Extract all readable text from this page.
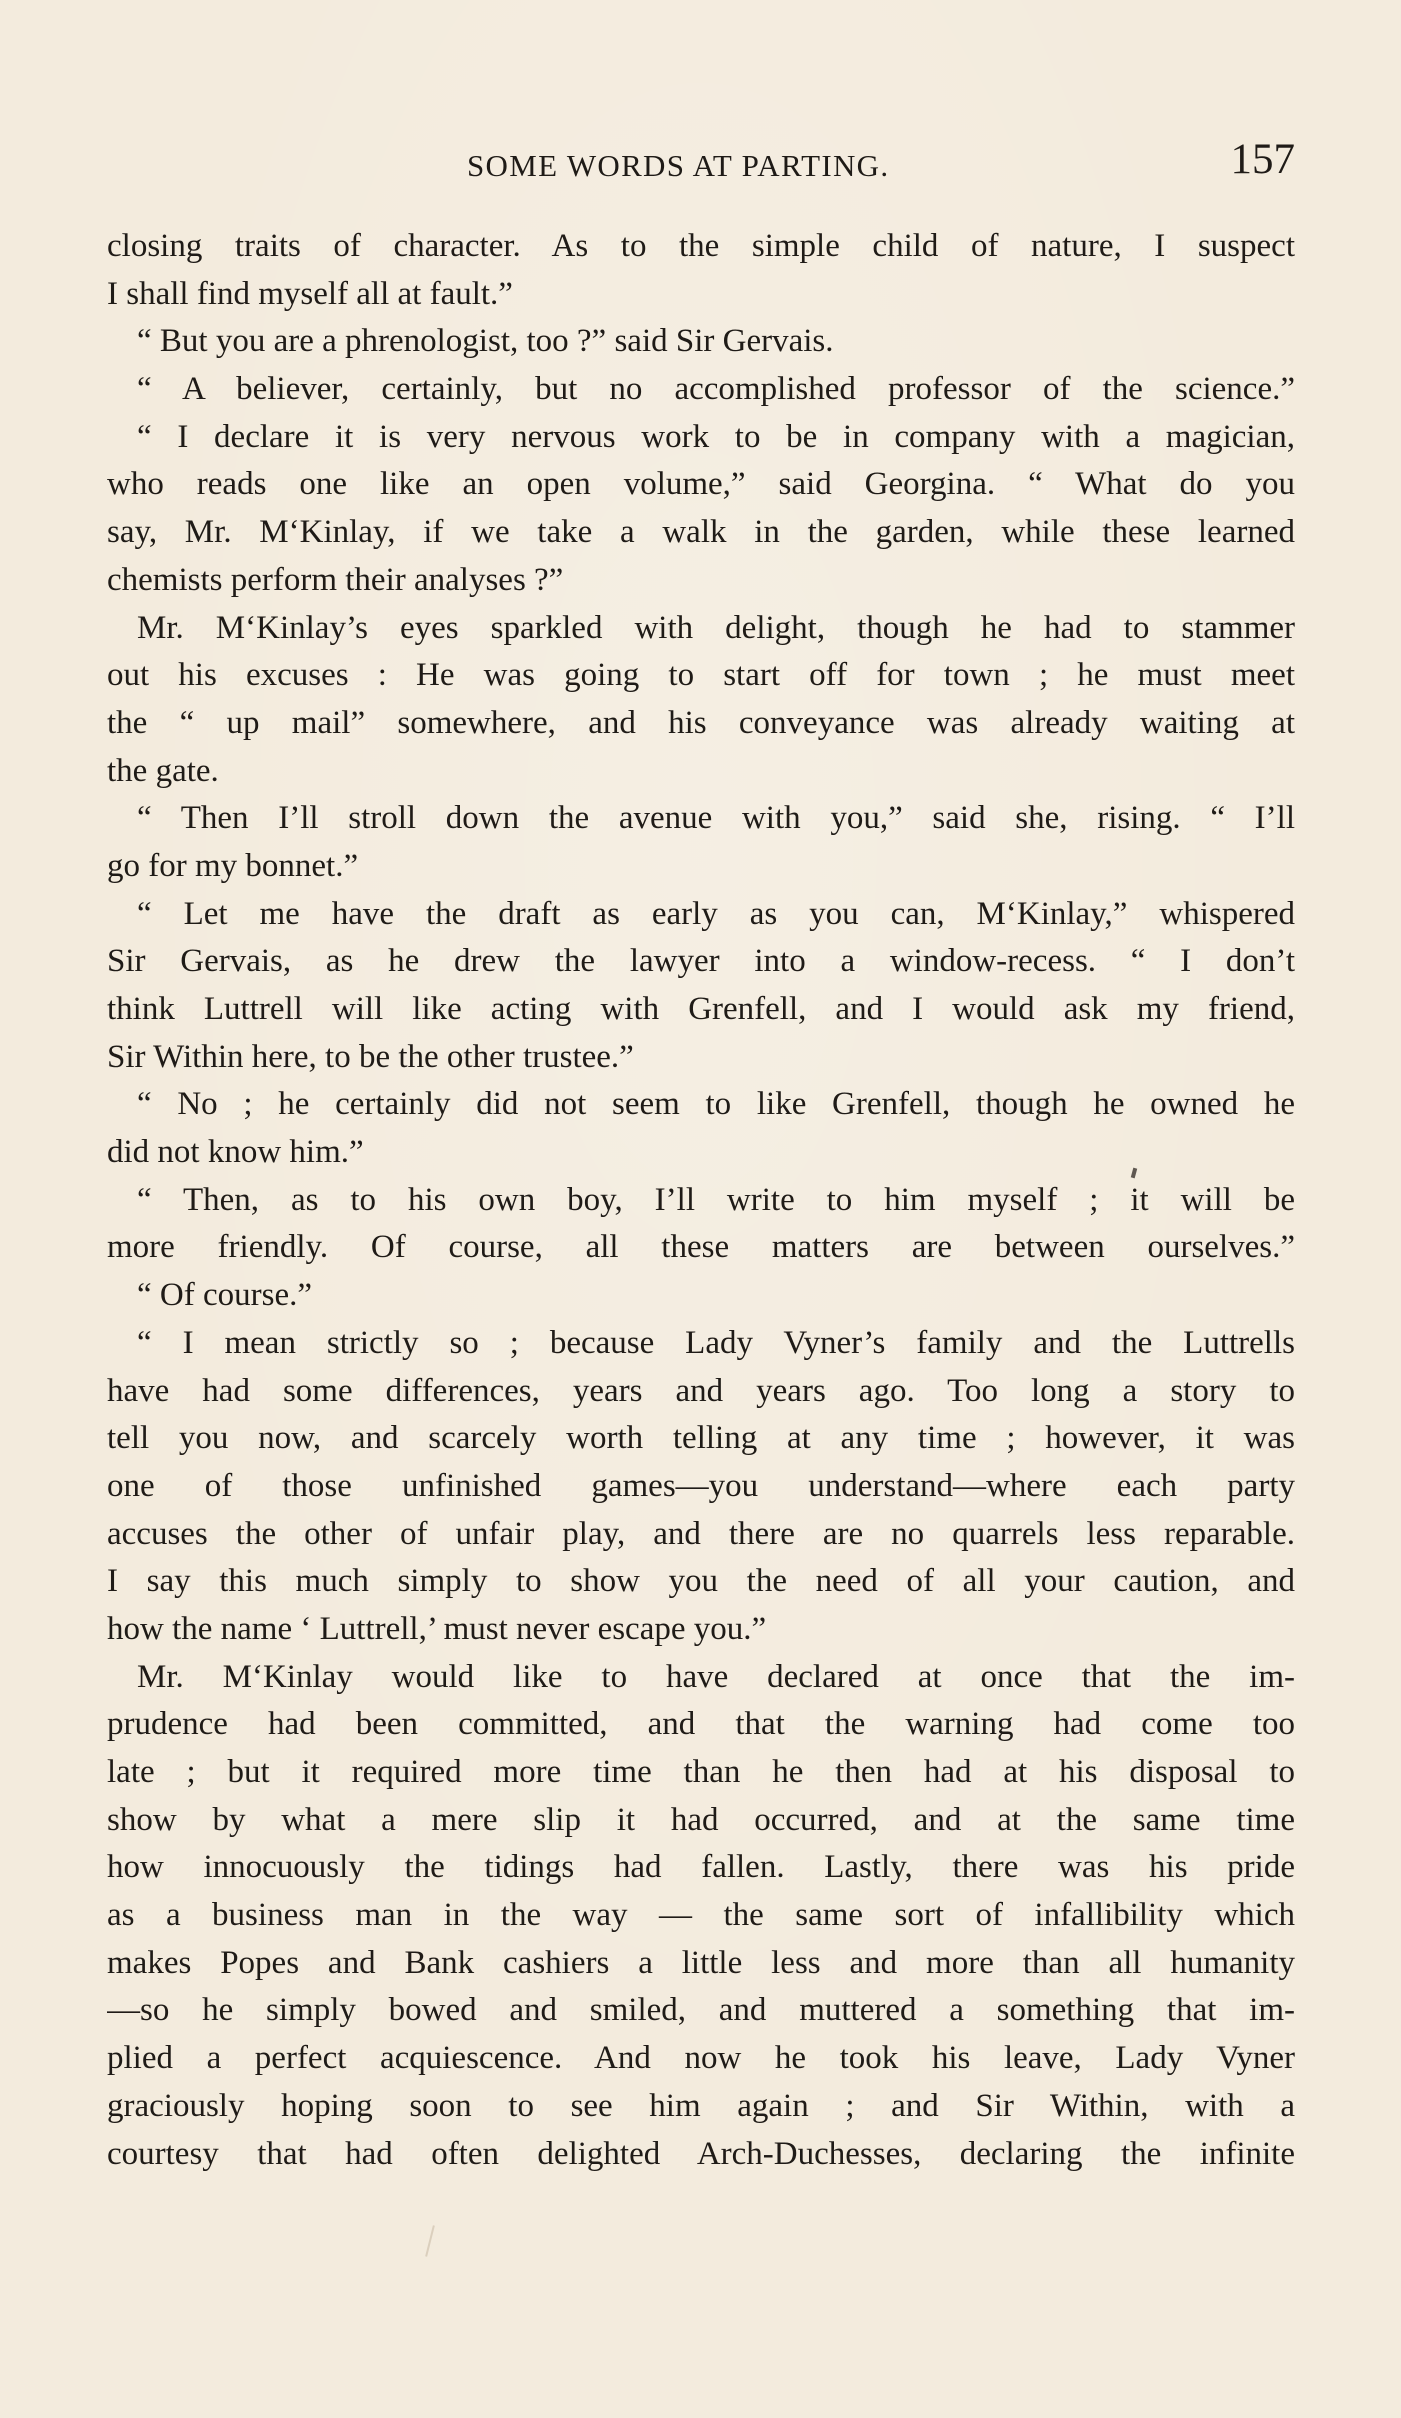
SOME WORDS AT PARTING.	157
closing traits of character. As to the simple child of nature, I suspect
I shall find myself all at fault.”
“ But you are a phrenologist, too ?” said Sir Gervais.
“ A believer, certainly, but no accomplished professor of the science.”
“ I declare it is very nervous work to be in company with a magician,
who reads one like an open volume,” said Georgina. “ What do you
say, Mr. M‘Kinlay, if we take a walk in the garden, while these learned
chemists perform their analyses ?”
Mr. M‘Kinlay’s eyes sparkled with delight, though he had to stammer
out his excuses : He was going to start off for town ; he must meet
the “ up mail” somewhere, and his conveyance was already waiting at
the gate.
“ Then I’ll stroll down the avenue with you,” said she, rising. “ I’ll
go for my bonnet.”
“ Let me have the draft as early as you can, M‘Kinlay,” whispered
Sir Gervais, as he drew the lawyer into a window-recess. “ I don’t
think Luttrell will like acting with Grenfell, and I would ask my friend,
Sir Within here, to be the other trustee.”
“ No ; he certainly did not seem to like Grenfell, though he owned he
did not know him.”
“ Then, as to his own boy, I’ll write to him myself ; it will be
more friendly. Of course, all these matters are between ourselves.”
“ Of course.”
“ I mean strictly so ; because Lady Vyner’s family and the Luttrells
have had some differences, years and years ago. Too long a story to
tell you now, and scarcely worth telling at any time ; however, it was
one of those unfinished games—you understand—where each party
accuses the other of unfair play, and there are no quarrels less reparable.
I say this much simply to show you the need of all your caution, and
how the name ‘ Luttrell,’ must never escape you.”
Mr. M‘Kinlay would like to have declared at once that the im-
prudence had been committed, and that the warning had come too
late ; but it required more time than he then had at his disposal to
show by what a mere slip it had occurred, and at the same time
how innocuously the tidings had fallen. Lastly, there was his pride
as a business man in the way — the same sort of infallibility which
makes Popes and Bank cashiers a little less and more than all humanity
—so he simply bowed and smiled, and muttered a something that im-
plied a perfect acquiescence. And now he took his leave, Lady Vyner
graciously hoping soon to see him again ; and Sir Within, with a
courtesy that had often delighted Arch-Duchesses, declaring the infinite
